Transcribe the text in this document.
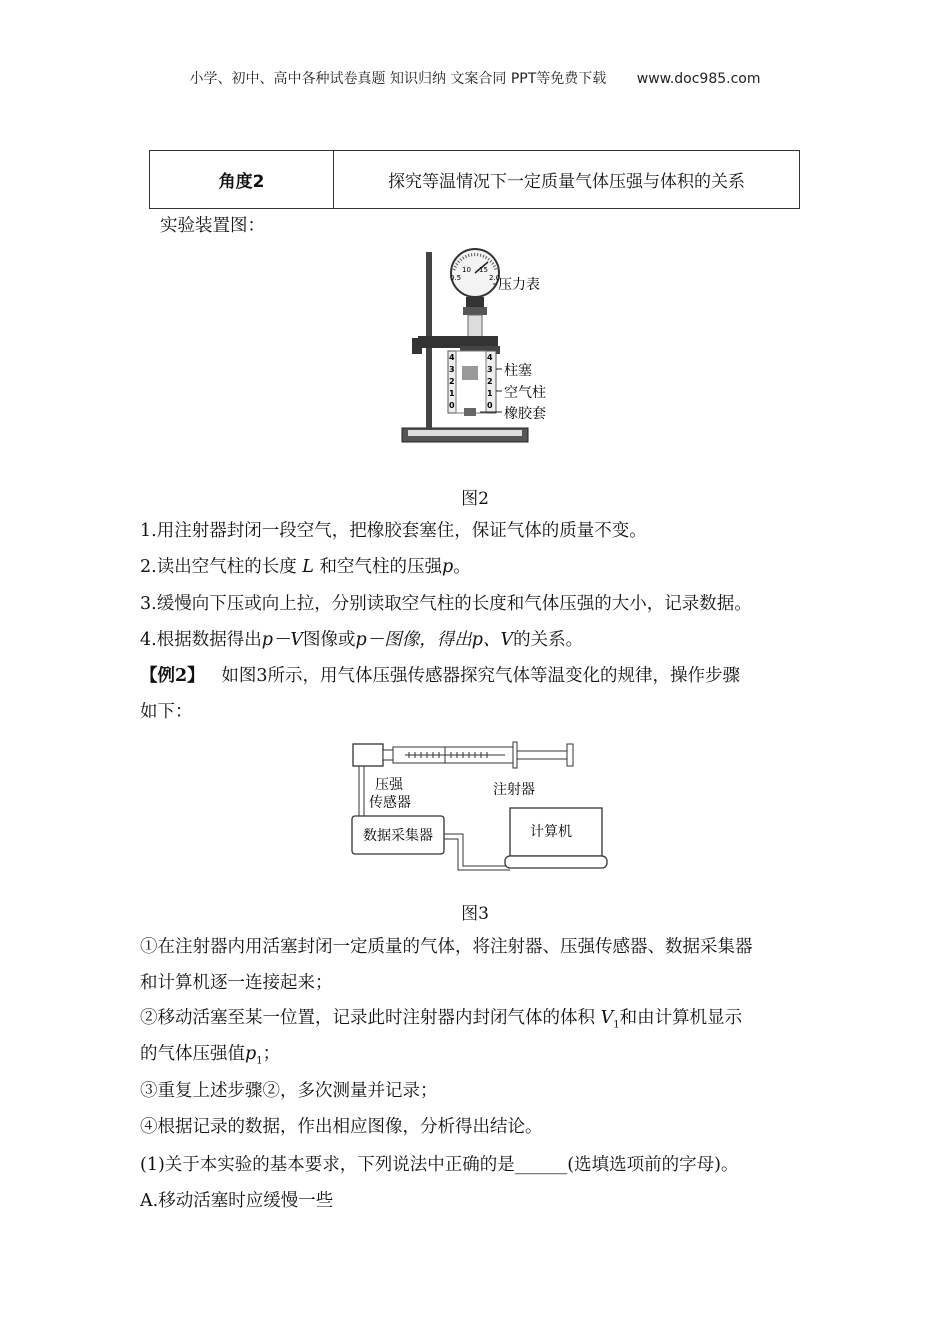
小学、初中、高中各种试卷真题 知识归纳 文案合同 PPT等免费下载 www.doc985.com
角度2	探究等温情况下一定质量气体压强与体积的关系
实验装置图：
10 15
0.5	2.0
4
3
2
1
0
4
3
2
1
0
压力表
柱塞
空气柱
橡胶套
图2
1.用注射器封闭一段空气，把橡胶套塞住，保证气体的质量不变。
2.读出空气柱的长度 L 和空气柱的压强p。
3.缓慢向下压或向上拉，分别读取空气柱的长度和气体压强的大小，记录数据。
4.根据数据得出p－V图像或p－图像，得出p、V的关系。
【例2】 如图3所示，用气体压强传感器探究气体等温变化的规律，操作步骤
如下：
压强
传感器
注射器
数据采集器	计算机
图3
①在注射器内用活塞封闭一定质量的气体，将注射器、压强传感器、数据采集器
和计算机逐一连接起来；
②移动活塞至某一位置，记录此时注射器内封闭气体的体积 $V_1$和由计算机显示
的气体压强值$p_1$；
③重复上述步骤②，多次测量并记录；
④根据记录的数据，作出相应图像，分析得出结论。
(1)关于本实验的基本要求，下列说法中正确的是______(选填选项前的字母)。
A.移动活塞时应缓慢一些
